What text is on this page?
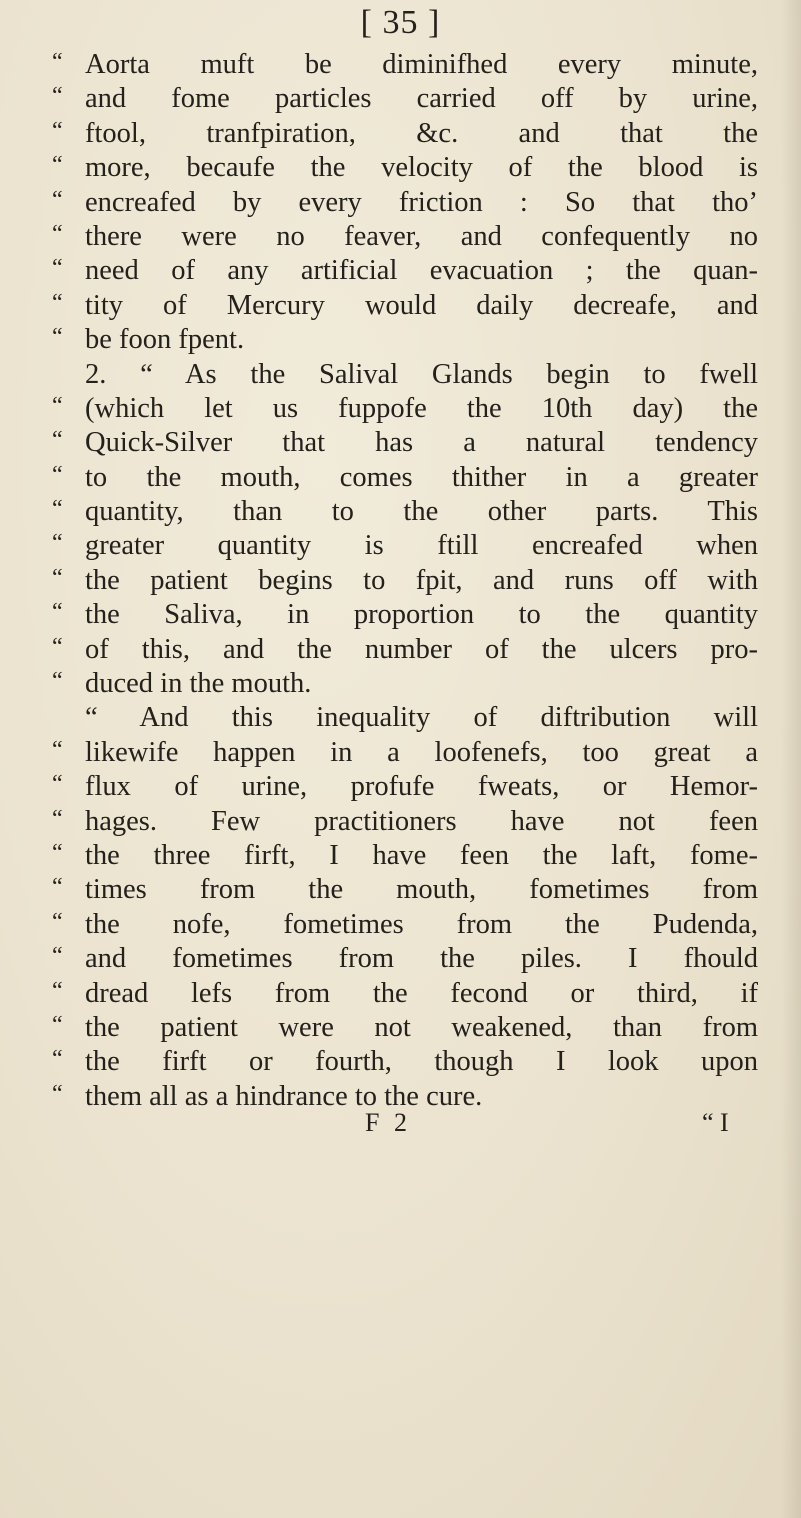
[ 35 ]
“ Aorta muft be diminifhed every minute,
“ and fome particles carried off by urine,
“ ftool, tranfpiration, &c. and that the
“ more, becaufe the velocity of the blood is
“ encreafed by every friction : So that tho’
“ there were no feaver, and confequently no
“ need of any artificial evacuation ; the quan-
“ tity of Mercury would daily decreafe, and
“ be foon fpent.
2. “ As the Salival Glands begin to fwell
“ (which let us fuppofe the 10th day) the
“ Quick-Silver that has a natural tendency
“ to the mouth, comes thither in a greater
“ quantity, than to the other parts. This
“ greater quantity is ftill encreafed when
“ the patient begins to fpit, and runs off with
“ the Saliva, in proportion to the quantity
“ of this, and the number of the ulcers pro-
“ duced in the mouth.
“ And this inequality of diftribution will
“ likewife happen in a loofenefs, too great a
“ flux of urine, profufe fweats, or Hemor-
“ hages. Few practitioners have not feen
“ the three firft, I have feen the laft, fome-
“ times from the mouth, fometimes from
“ the nofe, fometimes from the Pudenda,
“ and fometimes from the piles. I fhould
“ dread lefs from the fecond or third, if
“ the patient were not weakened, than from
“ the firft or fourth, though I look upon
“ them all as a hindrance to the cure.
F 2	“ I
